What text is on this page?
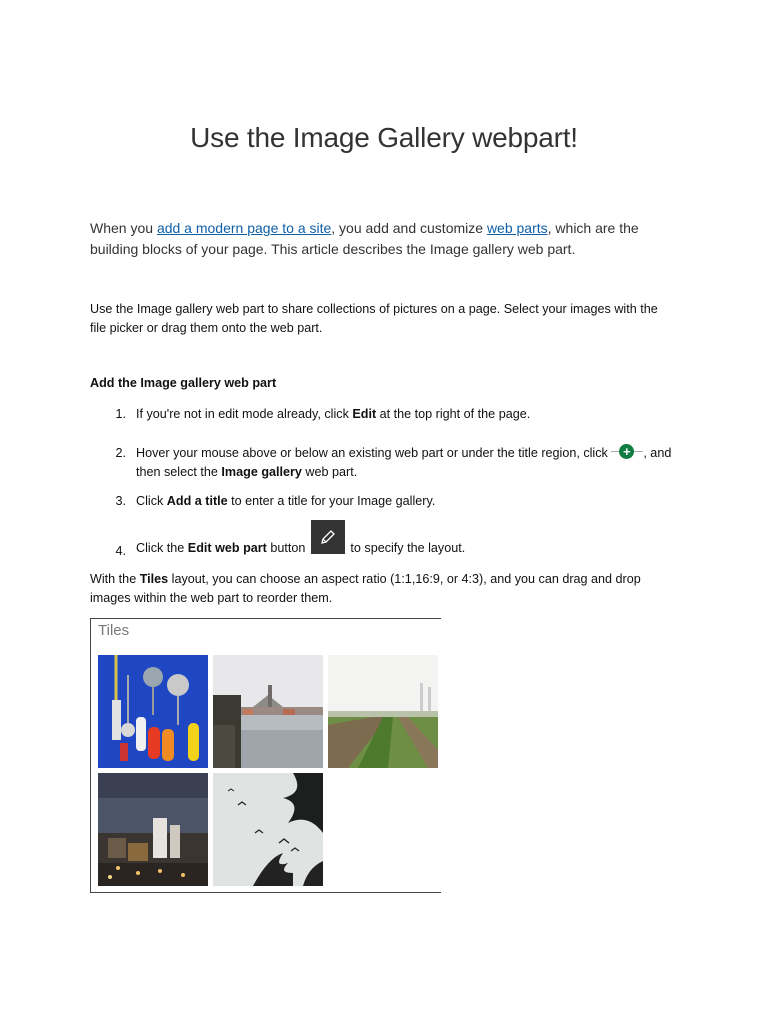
Use the Image Gallery webpart!

When you add a modern page to a site, you add and customize web parts, which are the building blocks of your page. This article describes the Image gallery web part.

Use the Image gallery web part to share collections of pictures on a page. Select your images with the file picker or drag them onto the web part.

Add the Image gallery web part

1. If you're not in edit mode already, click Edit at the top right of the page.
2. Hover your mouse above or below an existing web part or under the title region, click + , and then select the Image gallery web part.
3. Click Add a title to enter a title for your Image gallery.
4. Click the Edit web part button	to specify the layout.

With the Tiles layout, you can choose an aspect ratio (1:1,16:9, or 4:3), and you can drag and drop images within the web part to reorder them.

Tiles
